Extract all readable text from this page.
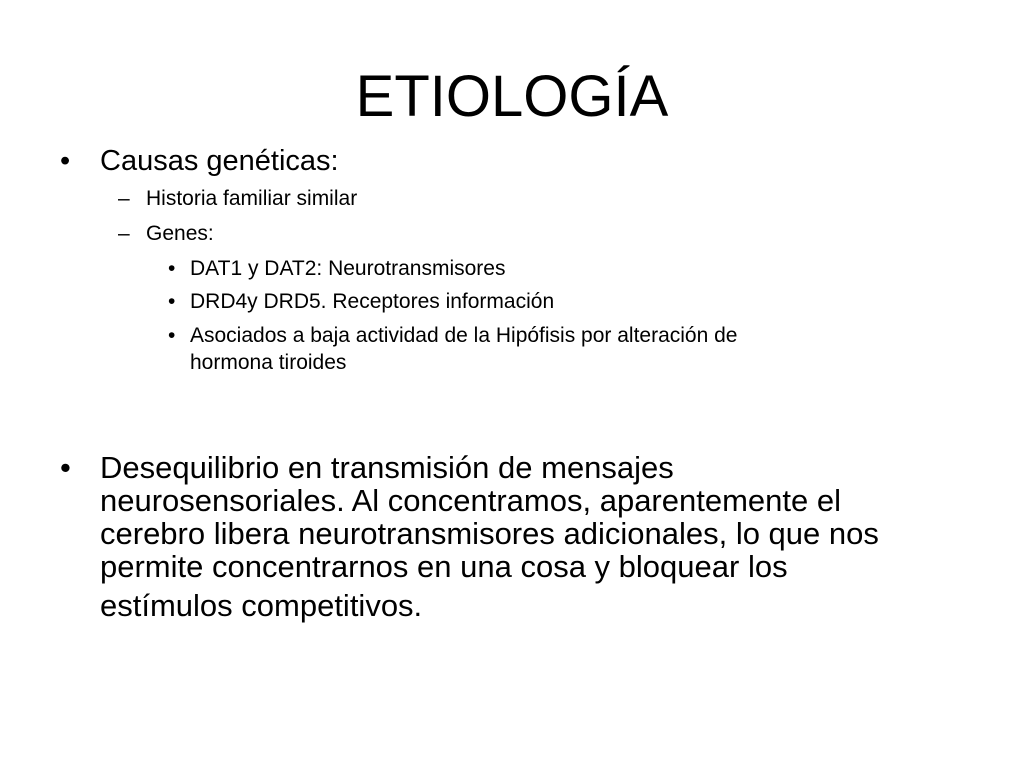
ETIOLOGÍA
• Causas genéticas:
– Historia familiar similar
– Genes:
• DAT1 y DAT2: Neurotransmisores
• DRD4y DRD5. Receptores información
• Asociados a baja actividad de la Hipófisis por alteración de
hormona tiroides
• Desequilibrio en transmisión de mensajes
neurosensoriales. Al concentramos, aparentemente el
cerebro libera neurotransmisores adicionales, lo que nos
permite concentrarnos en una cosa y bloquear los
estímulos competitivos.
